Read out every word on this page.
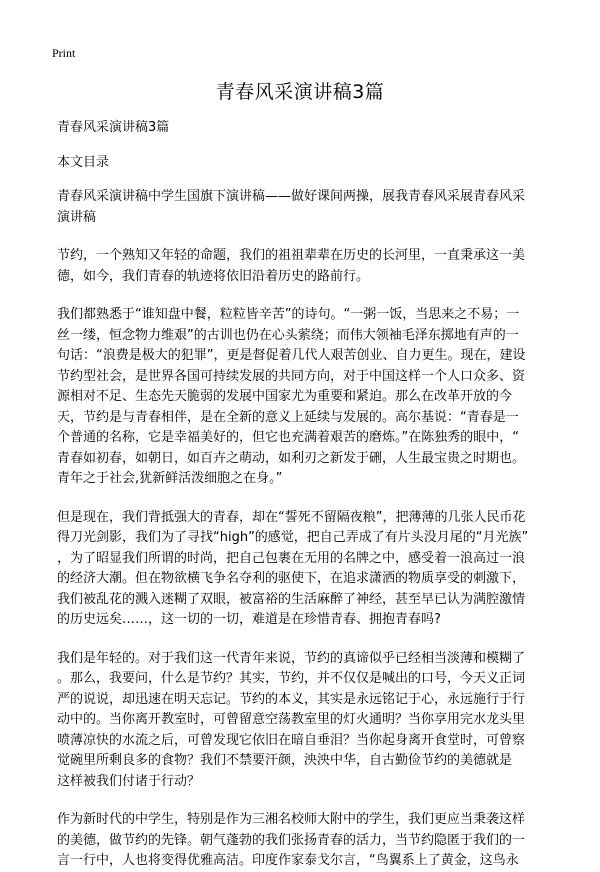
Print
青春风采演讲稿3篇

青春风采演讲稿3篇

本文目录

青春风采演讲稿中学生国旗下演讲稿——做好课间两操，展我青春风采展青春风采

演讲稿

节约，一个熟知又年轻的命题，我们的祖祖辈辈在历史的长河里，一直秉承这一美

德，如今，我们青春的轨迹将依旧沿着历史的路前行。

我们都熟悉于“谁知盘中餐，粒粒皆辛苦”的诗句。“一粥一饭，当思来之不易；一

丝一缕，恒念物力维艰”的古训也仍在心头萦绕；而伟大领袖毛泽东掷地有声的一

句话：“浪费是极大的犯罪”，更是督促着几代人艰苦创业、自力更生。现在，建设

节约型社会，是世界各国可持续发展的共同方向，对于中国这样一个人口众多、资

源相对不足、生态先天脆弱的发展中国家尤为重要和紧迫。那么在改革开放的今

天，节约是与青春相伴，是在全新的意义上延续与发展的。高尔基说：“青春是一

个普通的名称，它是幸福美好的，但它也充满着艰苦的磨炼。”在陈独秀的眼中，“

青春如初春，如朝日，如百卉之萌动，如利刃之新发于硎，人生最宝贵之时期也。

青年之于社会,犹新鲜活泼细胞之在身。”

但是现在，我们背抵强大的青春，却在“誓死不留隔夜粮”，把薄薄的几张人民币花

得刀光剑影，我们为了寻找“high”的感觉，把自己弄成了有片头没月尾的“月光族”

，为了昭显我们所谓的时尚，把自己包裹在无用的名牌之中，感受着一浪高过一浪

的经济大潮。但在物欲横飞争名夺利的驱使下，在追求潇洒的物质享受的刺激下，

我们被乱花的溅入迷糊了双眼，被富裕的生活麻醉了神经，甚至早已认为满腔激情

的历史远矣……，这一切的一切，难道是在珍惜青春、拥抱青春吗?

我们是年轻的。对于我们这一代青年来说，节约的真谛似乎已经相当淡薄和模糊了

。那么，我要问，什么是节约？其实，节约，并不仅仅是喊出的口号，今天义正词

严的说说，却迅速在明天忘记。节约的本义，其实是永远铭记于心，永远施行于行

动中的。当你离开教室时，可曾留意空荡教室里的灯火通明？当你享用完水龙头里

喷薄凉快的水流之后，可曾发现它依旧在暗自垂泪？当你起身离开食堂时，可曾察

觉碗里所剩良多的食物？我们不禁要汗颜，泱泱中华，自古勤俭节约的美德就是

这样被我们付诸于行动？

作为新时代的中学生，特别是作为三湘名校师大附中的学生，我们更应当秉袭这样

的美德，做节约的先锋。朝气蓬勃的我们张扬青春的活力，当节约隐匿于我们的一

言一行中，人也将变得优雅高洁。印度作家泰戈尔言，“鸟翼系上了黄金，这鸟永
